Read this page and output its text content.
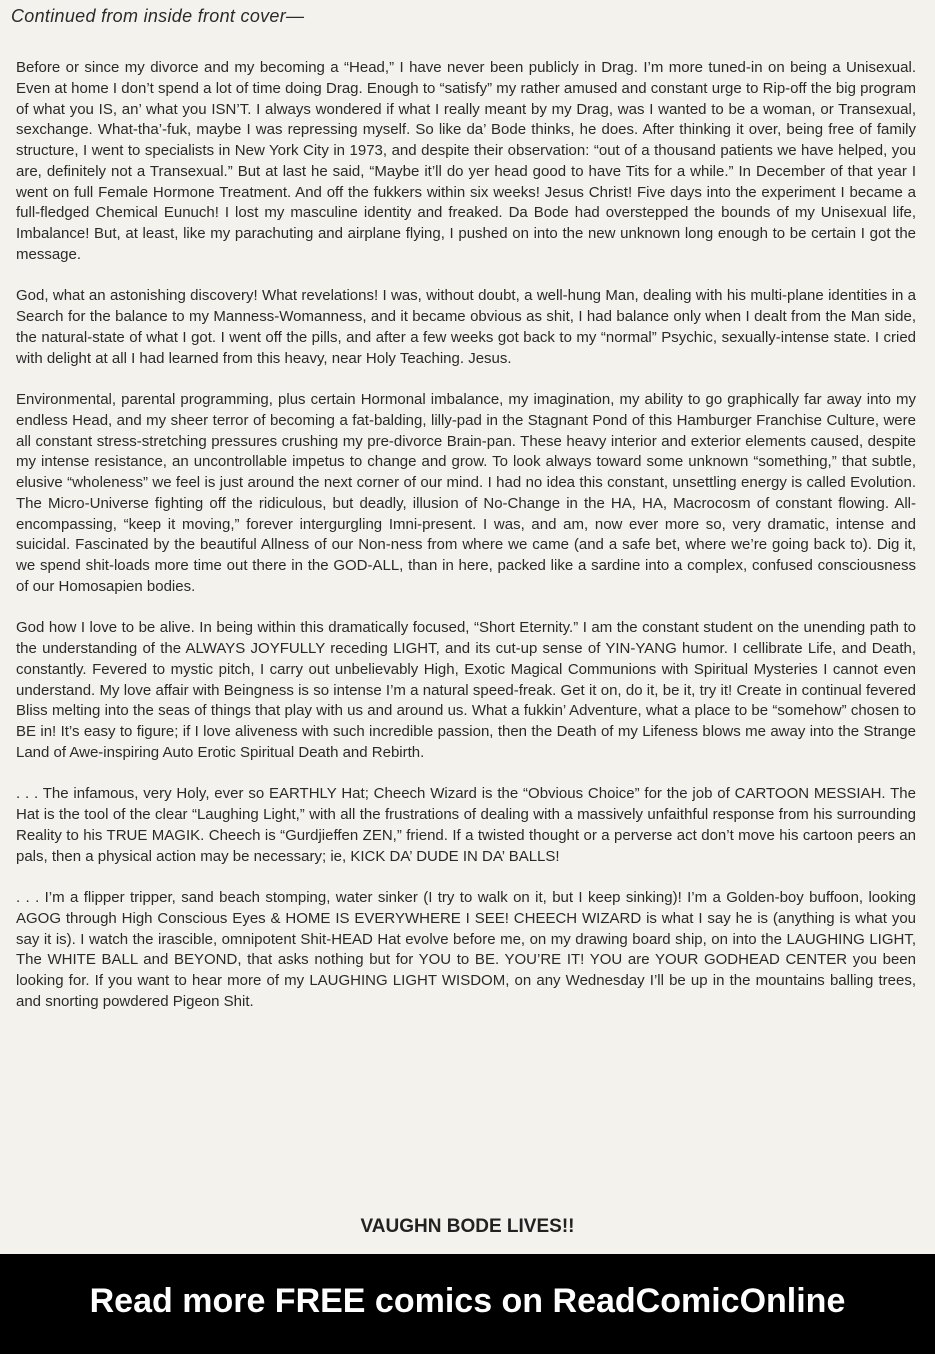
Continued from inside front cover—

Before or since my divorce and my becoming a “Head,” I have never been publicly in Drag. I’m more tuned-in on being a Unisexual. Even at home I don’t spend a lot of time doing Drag. Enough to “satisfy” my rather amused and constant urge to Rip-off the big program of what you IS, an’ what you ISN’T. I always wondered if what I really meant by my Drag, was I wanted to be a woman, or Transexual, sexchange. What-tha’-fuk, maybe I was repressing myself. So like da’ Bode thinks, he does. After thinking it over, being free of family structure, I went to specialists in New York City in 1973, and despite their observation: “out of a thousand patients we have helped, you are, definitely not a Transexual.” But at last he said, “Maybe it’ll do yer head good to have Tits for a while.” In December of that year I went on full Female Hormone Treatment. And off the fukkers within six weeks! Jesus Christ! Five days into the experiment I became a full-fledged Chemical Eunuch! I lost my masculine identity and freaked. Da Bode had overstepped the bounds of my Unisexual life, Imbalance! But, at least, like my parachuting and airplane flying, I pushed on into the new unknown long enough to be certain I got the message.

God, what an astonishing discovery! What revelations! I was, without doubt, a well-hung Man, dealing with his multi-plane identities in a Search for the balance to my Manness-Womanness, and it became obvious as shit, I had balance only when I dealt from the Man side, the natural-state of what I got. I went off the pills, and after a few weeks got back to my “normal” Psychic, sexually-intense state. I cried with delight at all I had learned from this heavy, near Holy Teaching. Jesus.

Environmental, parental programming, plus certain Hormonal imbalance, my imagination, my ability to go graphically far away into my endless Head, and my sheer terror of becoming a fat-balding, lilly-pad in the Stagnant Pond of this Hamburger Franchise Culture, were all constant stress-stretching pressures crushing my pre-divorce Brain-pan. These heavy interior and exterior elements caused, despite my intense resistance, an uncontrollable impetus to change and grow. To look always toward some unknown “something,” that subtle, elusive “wholeness” we feel is just around the next corner of our mind. I had no idea this constant, unsettling energy is called Evolution. The Micro-Universe fighting off the ridiculous, but deadly, illusion of No-Change in the HA, HA, Macrocosm of constant flowing. All-encompassing, “keep it moving,” forever intergurgling Imni-present. I was, and am, now ever more so, very dramatic, intense and suicidal. Fascinated by the beautiful Allness of our Non-ness from where we came (and a safe bet, where we’re going back to). Dig it, we spend shit-loads more time out there in the GOD-ALL, than in here, packed like a sardine into a complex, confused consciousness of our Homosapien bodies.

God how I love to be alive. In being within this dramatically focused, “Short Eternity.” I am the constant student on the unending path to the understanding of the ALWAYS JOYFULLY receding LIGHT, and its cut-up sense of YIN-YANG humor. I cellibrate Life, and Death, constantly. Fevered to mystic pitch, I carry out unbelievably High, Exotic Magical Communions with Spiritual Mysteries I cannot even understand. My love affair with Beingness is so intense I’m a natural speed-freak. Get it on, do it, be it, try it! Create in continual fevered Bliss melting into the seas of things that play with us and around us. What a fukkin’ Adventure, what a place to be “somehow” chosen to BE in! It’s easy to figure; if I love aliveness with such incredible passion, then the Death of my Lifeness blows me away into the Strange Land of Awe-inspiring Auto Erotic Spiritual Death and Rebirth.

. . . The infamous, very Holy, ever so EARTHLY Hat; Cheech Wizard is the “Obvious Choice” for the job of CARTOON MESSIAH. The Hat is the tool of the clear “Laughing Light,” with all the frustrations of dealing with a massively unfaithful response from his surrounding Reality to his TRUE MAGIK. Cheech is “Gurdjieffen ZEN,” friend. If a twisted thought or a perverse act don’t move his cartoon peers an pals, then a physical action may be necessary; ie, KICK DA’ DUDE IN DA’ BALLS!

. . . I’m a flipper tripper, sand beach stomping, water sinker (I try to walk on it, but I keep sinking)! I’m a Golden-boy buffoon, looking AGOG through High Conscious Eyes & HOME IS EVERYWHERE I SEE! CHEECH WIZARD is what I say he is (anything is what you say it is). I watch the irascible, omnipotent Shit-HEAD Hat evolve before me, on my drawing board ship, on into the LAUGHING LIGHT, The WHITE BALL and BEYOND, that asks nothing but for YOU to BE. YOU’RE IT! YOU are YOUR GODHEAD CENTER you been looking for. If you want to hear more of my LAUGHING LIGHT WISDOM, on any Wednesday I’ll be up in the mountains balling trees, and snorting powdered Pigeon Shit.

VAUGHN BODE LIVES!!

Read more FREE comics on ReadComicOnline
